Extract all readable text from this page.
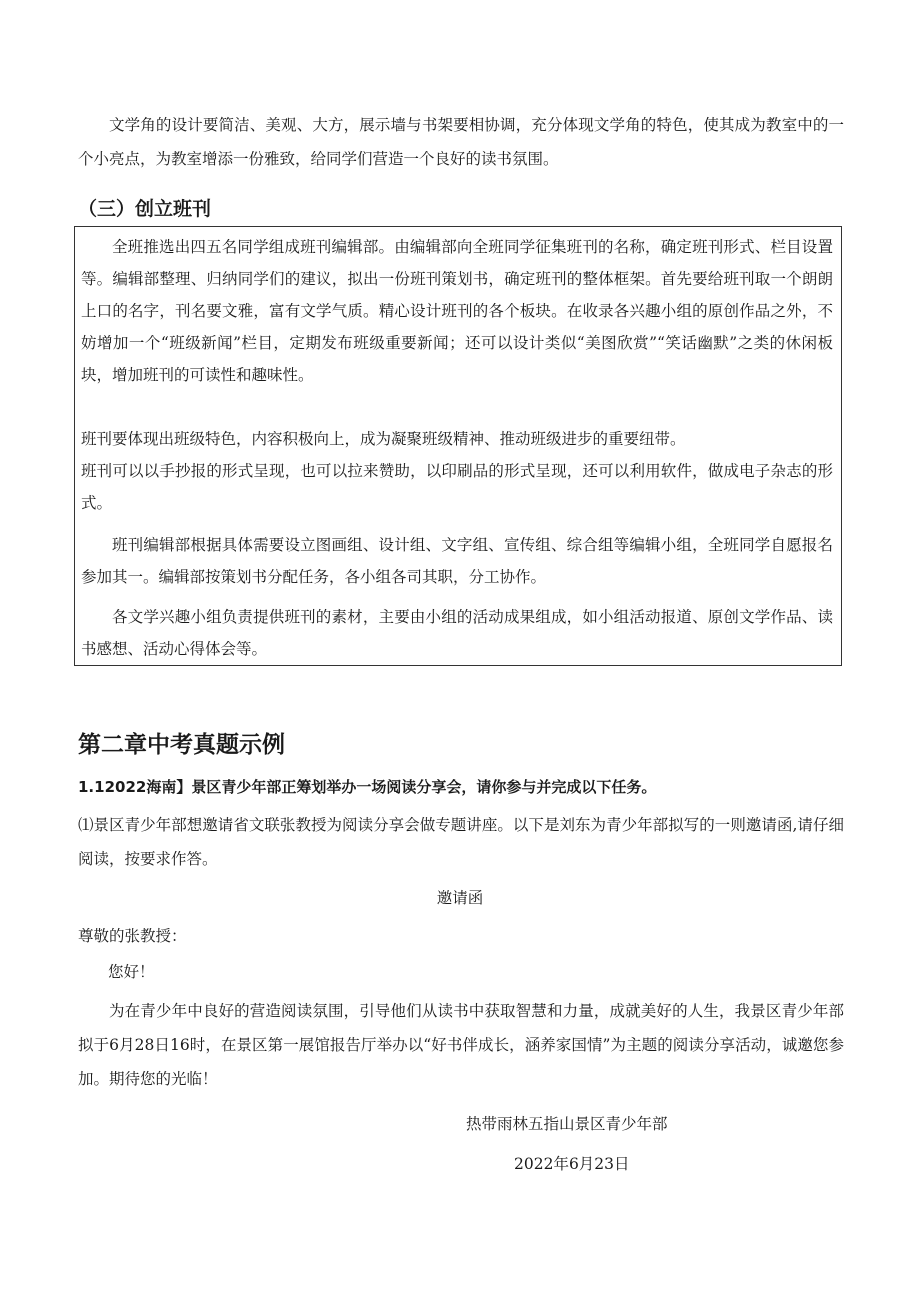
文学角的设计要简洁、美观、大方，展示墙与书架要相协调，充分体现文学角的特色，使其成为教室中的一个小亮点，为教室增添一份雅致，给同学们营造一个良好的读书氛围。

（三）创立班刊

全班推选出四五名同学组成班刊编辑部。由编辑部向全班同学征集班刊的名称，确定班刊形式、栏目设置等。编辑部整理、归纳同学们的建议，拟出一份班刊策划书，确定班刊的整体框架。首先要给班刊取一个朗朗上口的名字，刊名要文雅，富有文学气质。精心设计班刊的各个板块。在收录各兴趣小组的原创作品之外，不妨增加一个“班级新闻”栏目，定期发布班级重要新闻；还可以设计类似“美图欣赏”“笑话幽默”之类的休闲板块，增加班刊的可读性和趣味性。

班刊要体现出班级特色，内容积极向上，成为凝聚班级精神、推动班级进步的重要纽带。

班刊可以以手抄报的形式呈现，也可以拉来赞助，以印刷品的形式呈现，还可以利用软件，做成电子杂志的形式。

班刊编辑部根据具体需要设立图画组、设计组、文字组、宣传组、综合组等编辑小组，全班同学自愿报名参加其一。编辑部按策划书分配任务，各小组各司其职，分工协作。

各文学兴趣小组负责提供班刊的素材，主要由小组的活动成果组成，如小组活动报道、原创文学作品、读书感想、活动心得体会等。

第二章中考真题示例

1.12022海南】景区青少年部正筹划举办一场阅读分享会，请你参与并完成以下任务。

⑴景区青少年部想邀请省文联张教授为阅读分享会做专题讲座。以下是刘东为青少年部拟写的一则邀请函,请仔细阅读，按要求作答。

邀请函

尊敬的张教授：

您好！

为在青少年中良好的营造阅读氛围，引导他们从读书中获取智慧和力量，成就美好的人生，我景区青少年部拟于6月28日16时，在景区第一展馆报告厅举办以“好书伴成长，涵养家国情”为主题的阅读分享活动，诚邀您参加。期待您的光临！

热带雨林五指山景区青少年部

2022年6月23日
